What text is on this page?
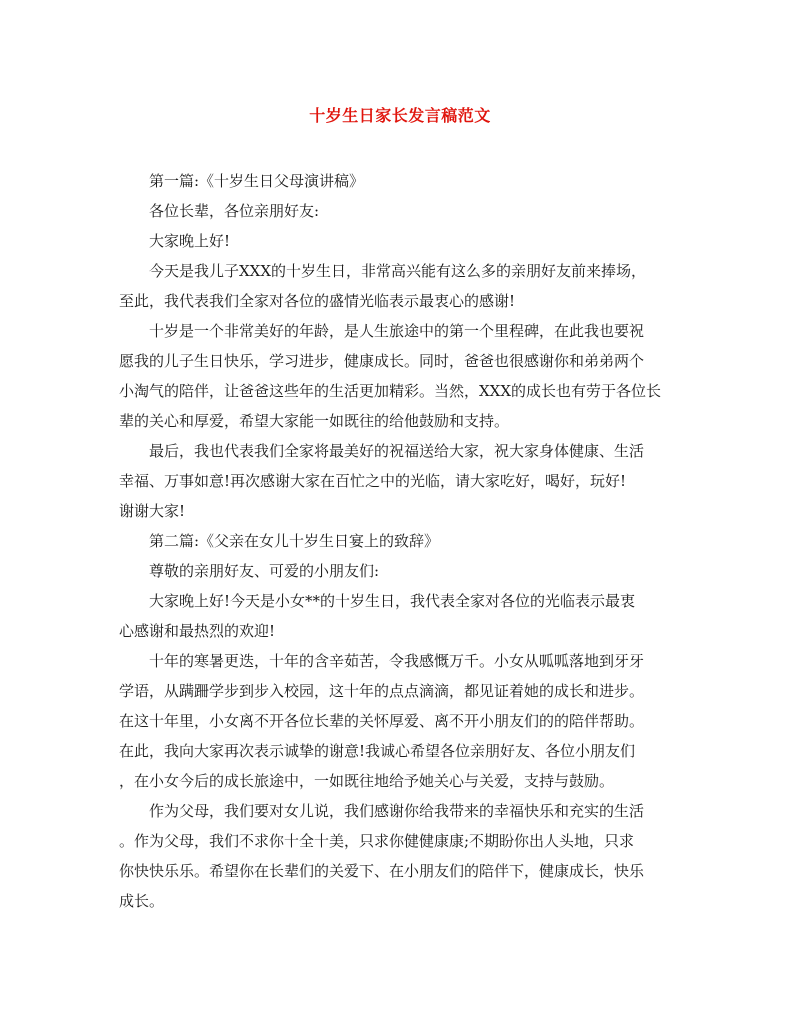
十岁生日家长发言稿范文

第一篇:《十岁生日父母演讲稿》

各位长辈，各位亲朋好友:

大家晚上好!

今天是我儿子XXX的十岁生日，非常高兴能有这么多的亲朋好友前来捧场，
至此，我代表我们全家对各位的盛情光临表示最衷心的感谢!

十岁是一个非常美好的年龄，是人生旅途中的第一个里程碑，在此我也要祝
愿我的儿子生日快乐，学习进步，健康成长。同时，爸爸也很感谢你和弟弟两个
小淘气的陪伴，让爸爸这些年的生活更加精彩。当然，XXX的成长也有劳于各位长
辈的关心和厚爱，希望大家能一如既往的给他鼓励和支持。

最后，我也代表我们全家将最美好的祝福送给大家，祝大家身体健康、生活
幸福、万事如意!再次感谢大家在百忙之中的光临，请大家吃好，喝好，玩好!
谢谢大家!

第二篇:《父亲在女儿十岁生日宴上的致辞》

尊敬的亲朋好友、可爱的小朋友们:

大家晚上好!今天是小女**的十岁生日，我代表全家对各位的光临表示最衷
心感谢和最热烈的欢迎!

十年的寒暑更迭，十年的含辛茹苦，令我感慨万千。小女从呱呱落地到牙牙
学语，从蹒跚学步到步入校园，这十年的点点滴滴，都见证着她的成长和进步。
在这十年里，小女离不开各位长辈的关怀厚爱、离不开小朋友们的的陪伴帮助。
在此，我向大家再次表示诚挚的谢意!我诚心希望各位亲朋好友、各位小朋友们
，在小女今后的成长旅途中，一如既往地给予她关心与关爱，支持与鼓励。

作为父母，我们要对女儿说，我们感谢你给我带来的幸福快乐和充实的生活
。作为父母，我们不求你十全十美，只求你健健康康;不期盼你出人头地，只求
你快快乐乐。希望你在长辈们的关爱下、在小朋友们的陪伴下，健康成长，快乐
成长。
